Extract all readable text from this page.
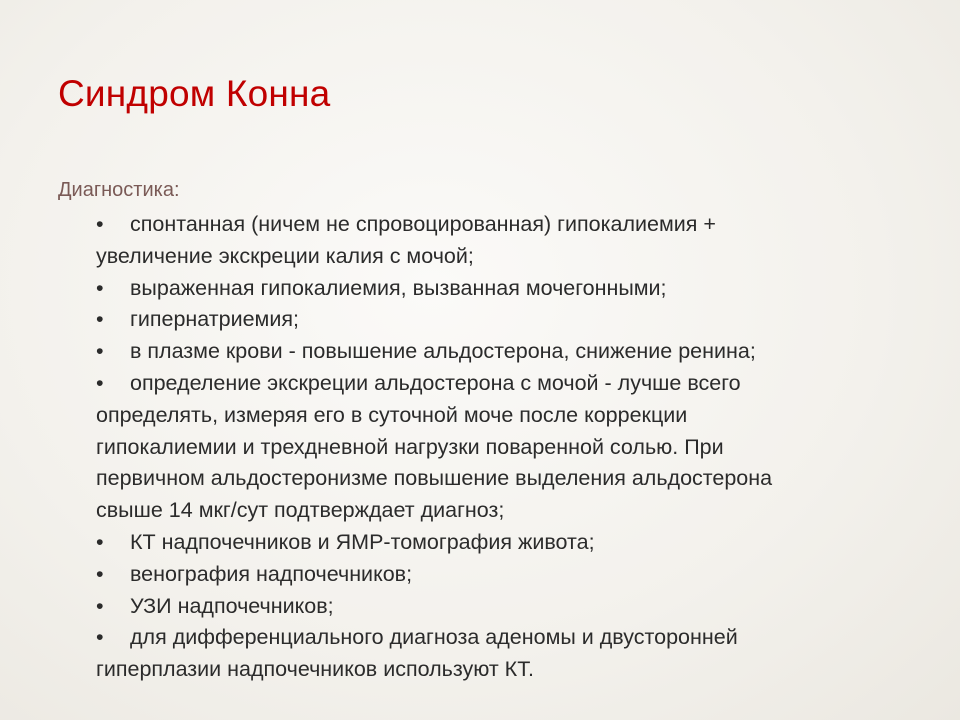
Синдром Конна
Диагностика:
• спонтанная (ничем не спровоцированная) гипокалиемия +
увеличение экскреции калия с мочой;
• выраженная гипокалиемия, вызванная мочегонными;
• гипернатриемия;
• в плазме крови - повышение альдостерона, снижение ренина;
• определение экскреции альдостерона с мочой - лучше всего
определять, измеряя его в суточной моче после коррекции
гипокалиемии и трехдневной нагрузки поваренной солью. При
первичном альдостеронизме повышение выделения альдостерона
свыше 14 мкг/сут подтверждает диагноз;
• КТ надпочечников и ЯМР-томография живота;
• венография надпочечников;
• УЗИ надпочечников;
• для дифференциального диагноза аденомы и двусторонней
гиперплазии надпочечников используют КТ.
